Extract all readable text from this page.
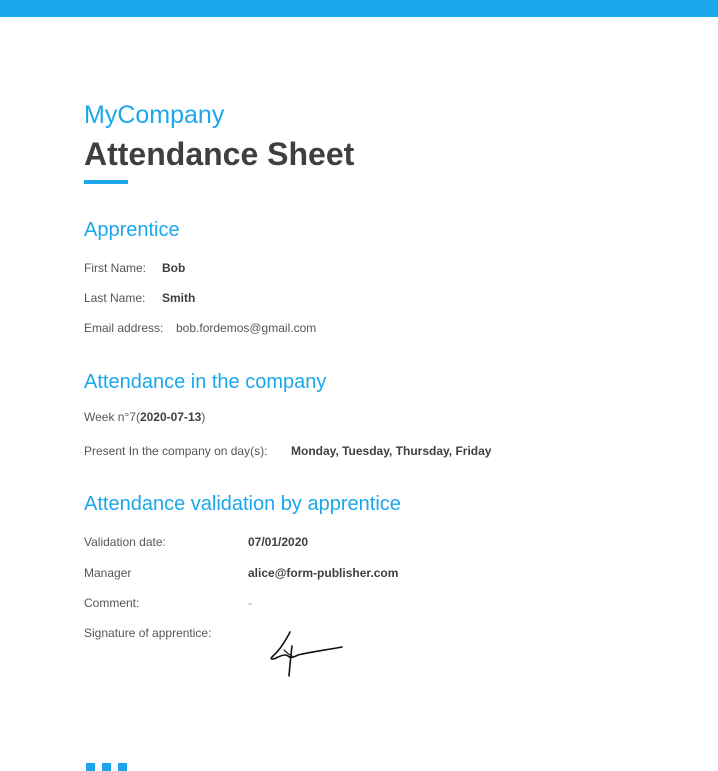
MyCompany
Attendance Sheet
Apprentice
First Name: Bob
Last Name: Smith
Email address: bob.fordemos@gmail.com
Attendance in the company
Week n°7(2020-07-13)
Present In the company on day(s): Monday, Tuesday, Thursday, Friday
Attendance validation by apprentice
Validation date:	07/01/2020
Manager	alice@form-publisher.com
Comment:	-
Signature of apprentice:
